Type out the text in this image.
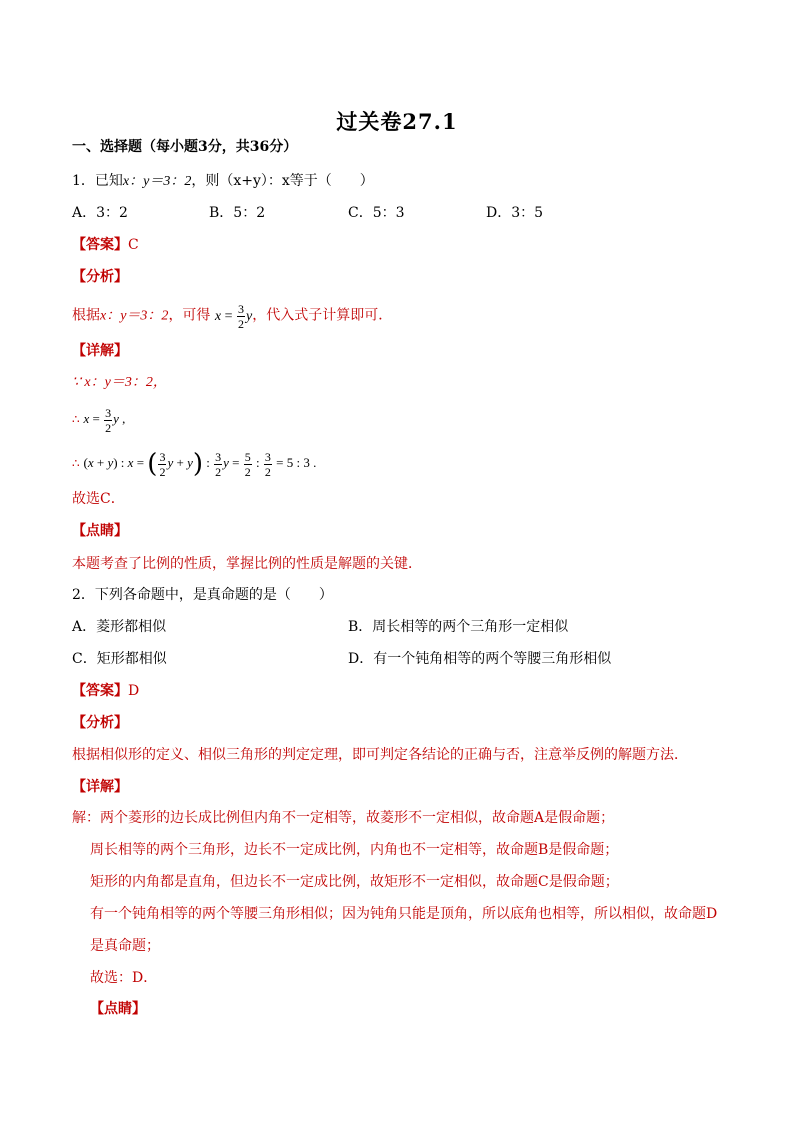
过关卷27.1
一、选择题（每小题3分，共36分）
1．已知x：y＝3：2，则（x+y）：x等于（　　）
A．3：2	B．5：2	C．5：3	D．3：5
【答案】C
【分析】
根据x：y＝3：2，可得 $x = \frac{3}{2}$ y，代入式子计算即可．
【详解】
∵ x：y＝3：2，
∴ $x = \frac{3}{2}$ y ,
∴ (x + y) : x = ( $\frac{3}{2}$ y + y) : $\frac{3}{2}$ $y = \frac{5}{2}$ : $\frac{3}{2} = 5$ : 3 .
故选C．
【点睛】
本题考查了比例的性质，掌握比例的性质是解题的关键．
2．下列各命题中，是真命题的是（　　）
A．菱形都相似	B．周长相等的两个三角形一定相似
C．矩形都相似	D．有一个钝角相等的两个等腰三角形相似
【答案】D
【分析】
根据相似形的定义、相似三角形的判定定理，即可判定各结论的正确与否，注意举反例的解题方法．
【详解】
解：两个菱形的边长成比例但内角不一定相等，故菱形不一定相似，故命题A是假命题；
周长相等的两个三角形，边长不一定成比例，内角也不一定相等，故命题B是假命题；
矩形的内角都是直角，但边长不一定成比例，故矩形不一定相似，故命题C是假命题；
有一个钝角相等的两个等腰三角形相似；因为钝角只能是顶角，所以底角也相等，所以相似，故命题D
是真命题；
故选：D．
【点睛】
